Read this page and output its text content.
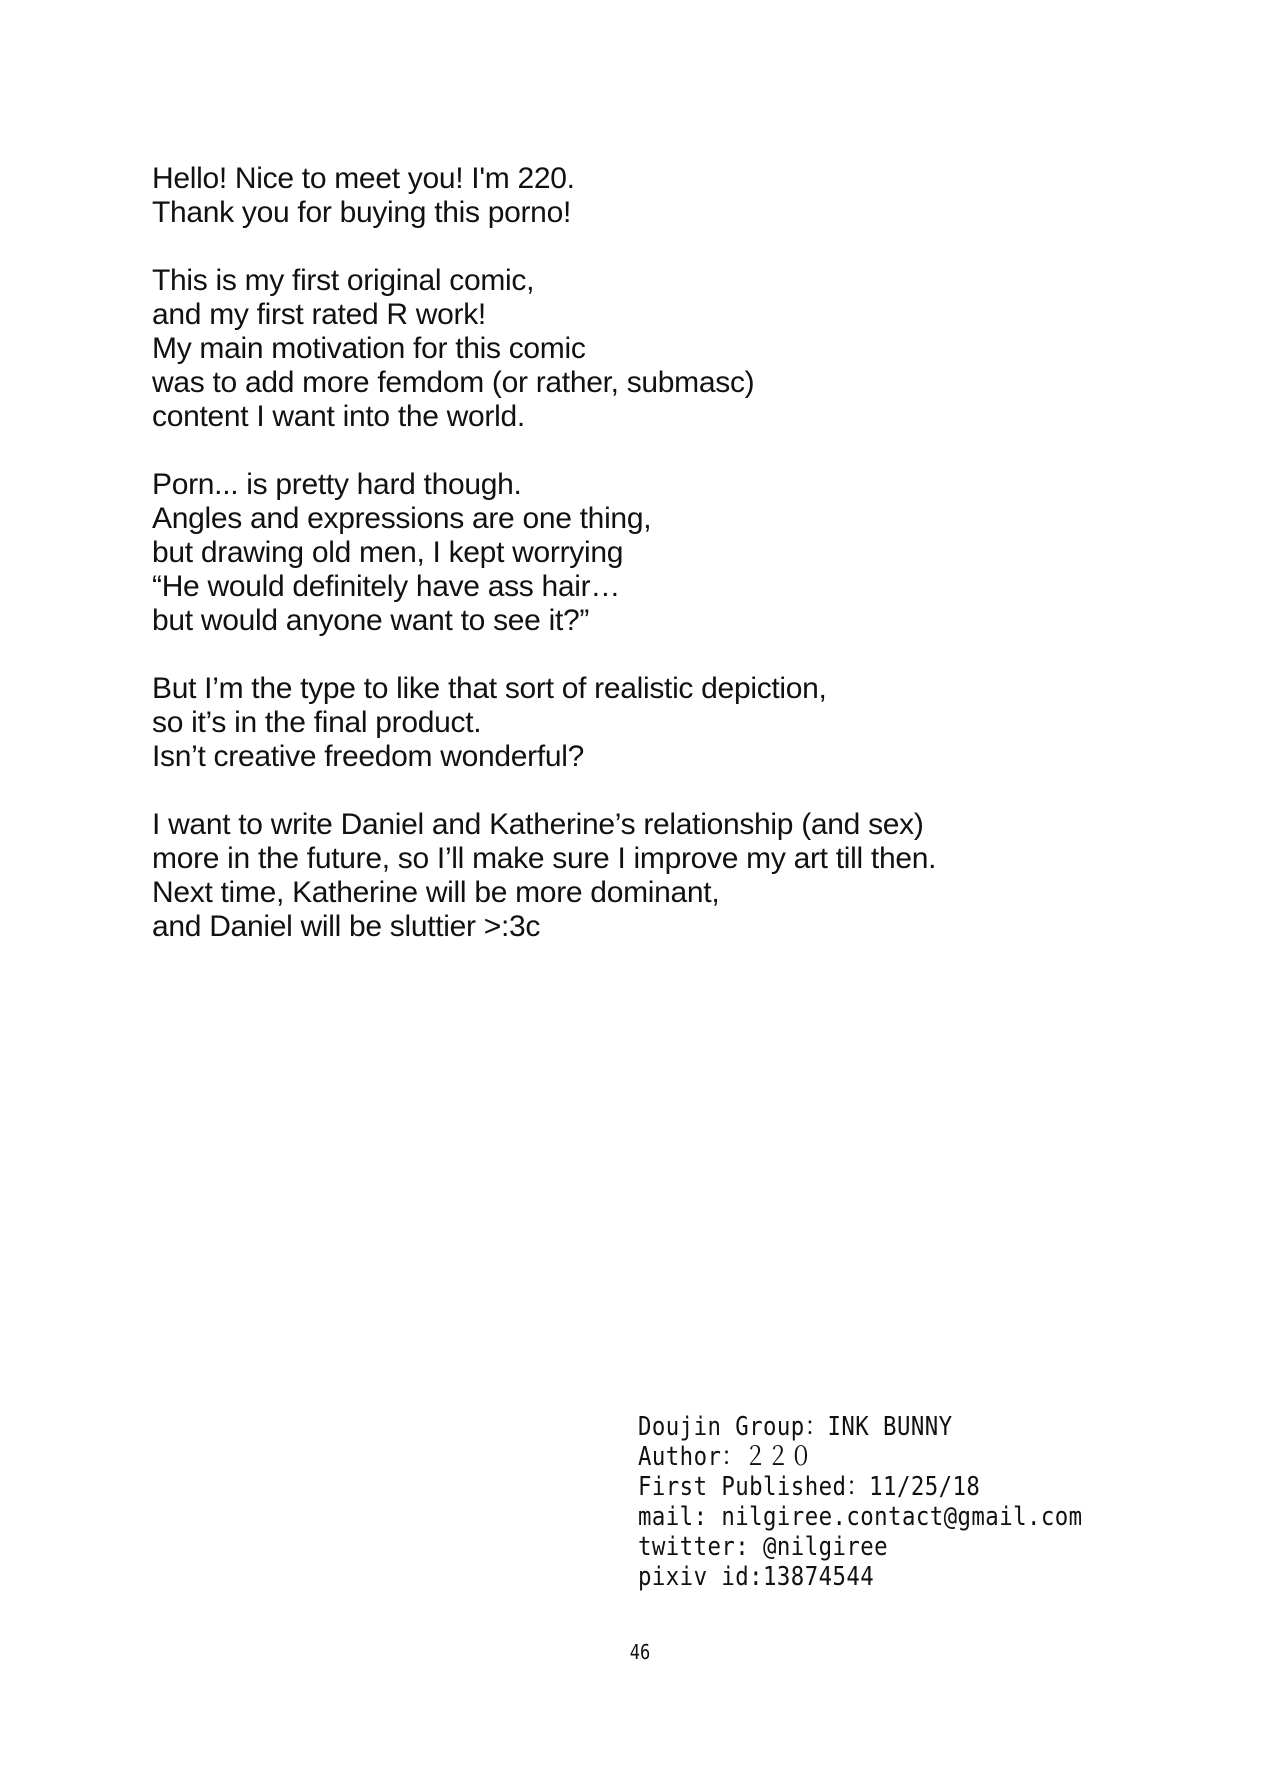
Hello! Nice to meet you! I'm 220.
Thank you for buying this porno!

This is my first original comic,
and my first rated R work!
My main motivation for this comic
was to add more femdom (or rather, submasc)
content I want into the world.

Porn... is pretty hard though.
Angles and expressions are one thing,
but drawing old men, I kept worrying
“He would definitely have ass hair…
but would anyone want to see it?”

But I’m the type to like that sort of realistic depiction,
so it’s in the final product.
Isn’t creative freedom wonderful?

I want to write Daniel and Katherine’s relationship (and sex)
more in the future, so I’ll make sure I improve my art till then.
Next time, Katherine will be more dominant,
and Daniel will be sluttier >:3c

Doujin Group：INK BUNNY
Author：２２０
First Published：11/25/18
mail: nilgiree.contact@gmail.com
twitter: @nilgiree
pixiv id:13874544
46
